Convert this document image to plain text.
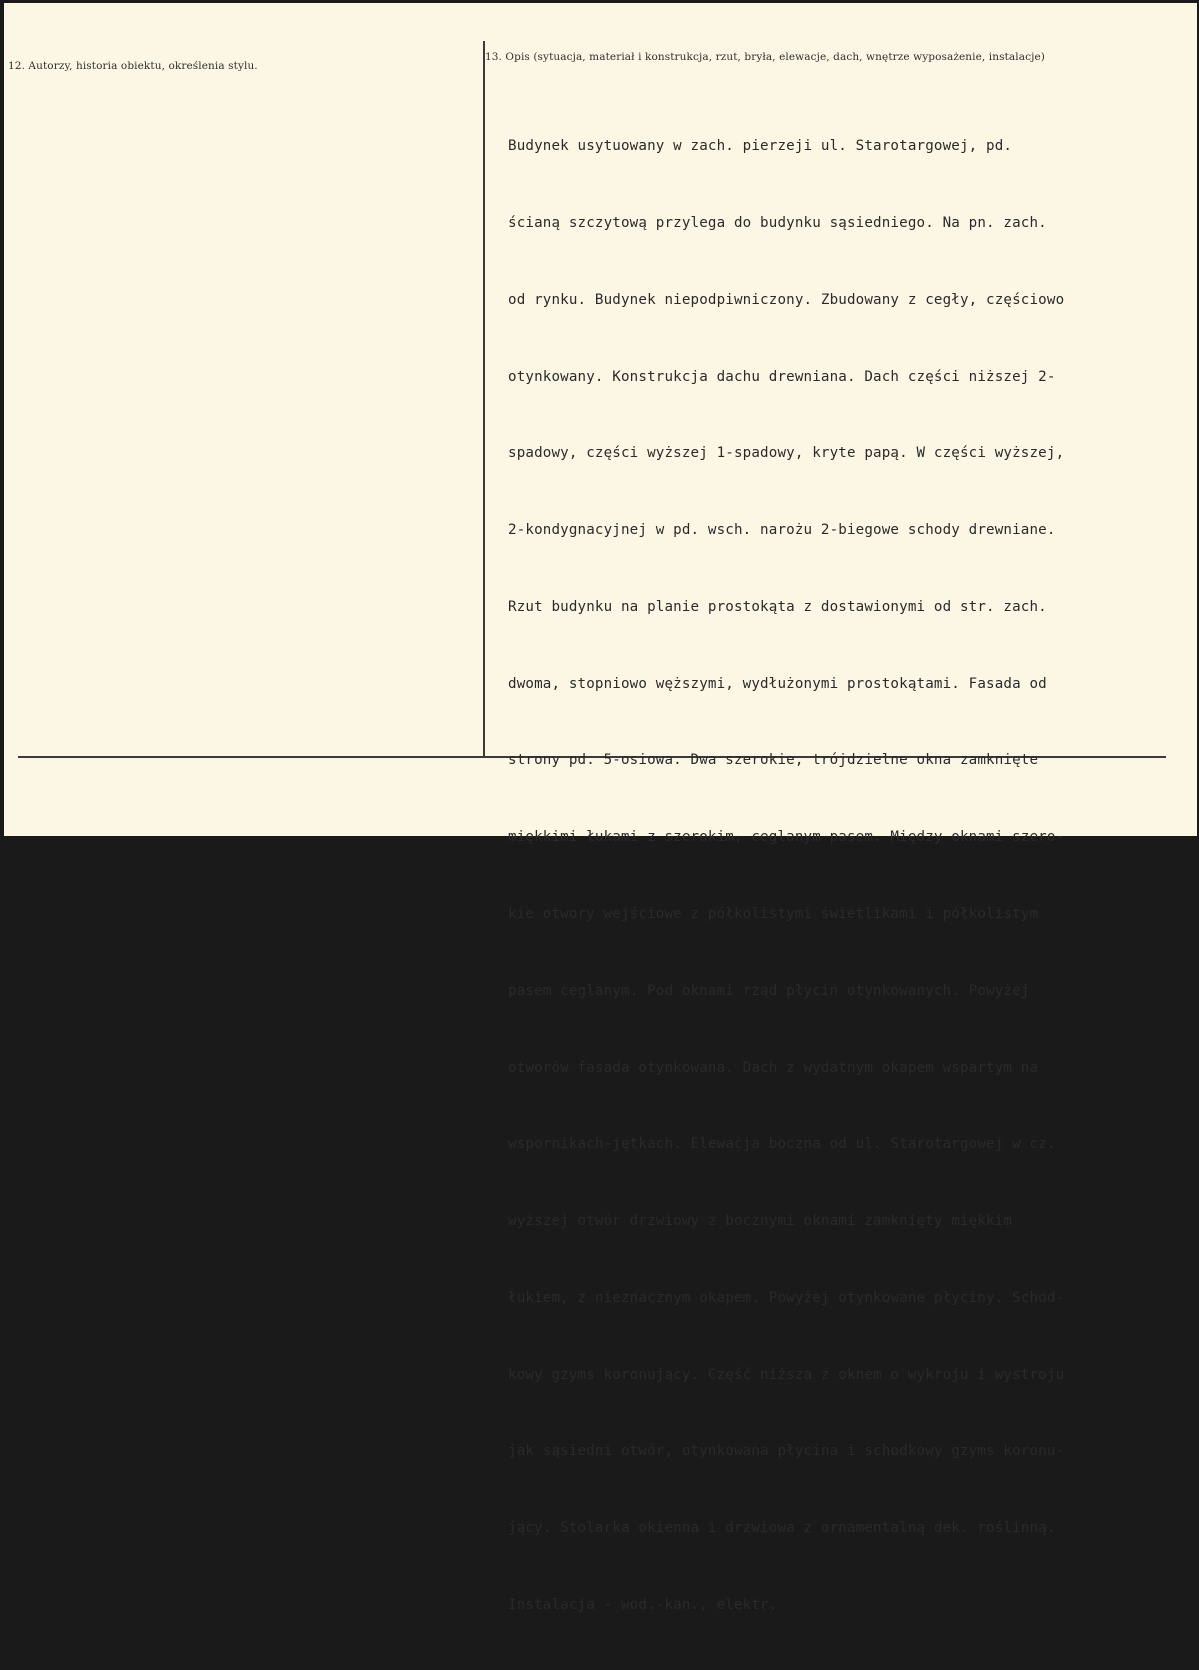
12. Autorzy, historia obiektu, określenia stylu.
13. Opis (sytuacja, materiał i konstrukcja, rzut, bryła, elewacje, dach, wnętrze wyposażenie, instalacje)

Budynek usytuowany w zach. pierzeji ul. Starotargowej, pd.

ścianą szczytową przylega do budynku sąsiedniego. Na pn. zach.

od rynku. Budynek niepodpiwniczony. Zbudowany z cegły, częściowo

otynkowany. Konstrukcja dachu drewniana. Dach części niższej 2-

spadowy, części wyższej 1-spadowy, kryte papą. W części wyższej,

2-kondygnacyjnej w pd. wsch. narożu 2-biegowe schody drewniane.

Rzut budynku na planie prostokąta z dostawionymi od str. zach.

dwoma, stopniowo węższymi, wydłużonymi prostokątami. Fasada od

strony pd. 5-osiowa. Dwa szerokie, trójdzielne okna zamknięte

miękkimi łukami z szerokim, ceglanym pasem. Między oknami szero-

kie otwory wejściowe z półkolistymi świetlikami i półkolistym

pasem ceglanym. Pod oknami rząd płycin otynkowanych. Powyżej

otworów fasada otynkowana. Dach z wydatnym okapem wspartym na

wspornikach-jętkach. Elewacja boczna od ul. Starotargowej w cz.

wyższej otwór drzwiowy z bocznymi oknami zamknięty miękkim

łukiem, z nieznacznym okapem. Powyżej otynkowane płyciny. Schod-

kowy gzyms koronujący. Część niższa z oknem o wykroju i wystroju

jak sąsiedni otwór, otynkowana płycina i schodkowy gzyms koronu-

jący. Stolarka okienna i drzwiowa z ornamentalną dek. roślinną.

Instalacja - wod.-kan., elektr.
